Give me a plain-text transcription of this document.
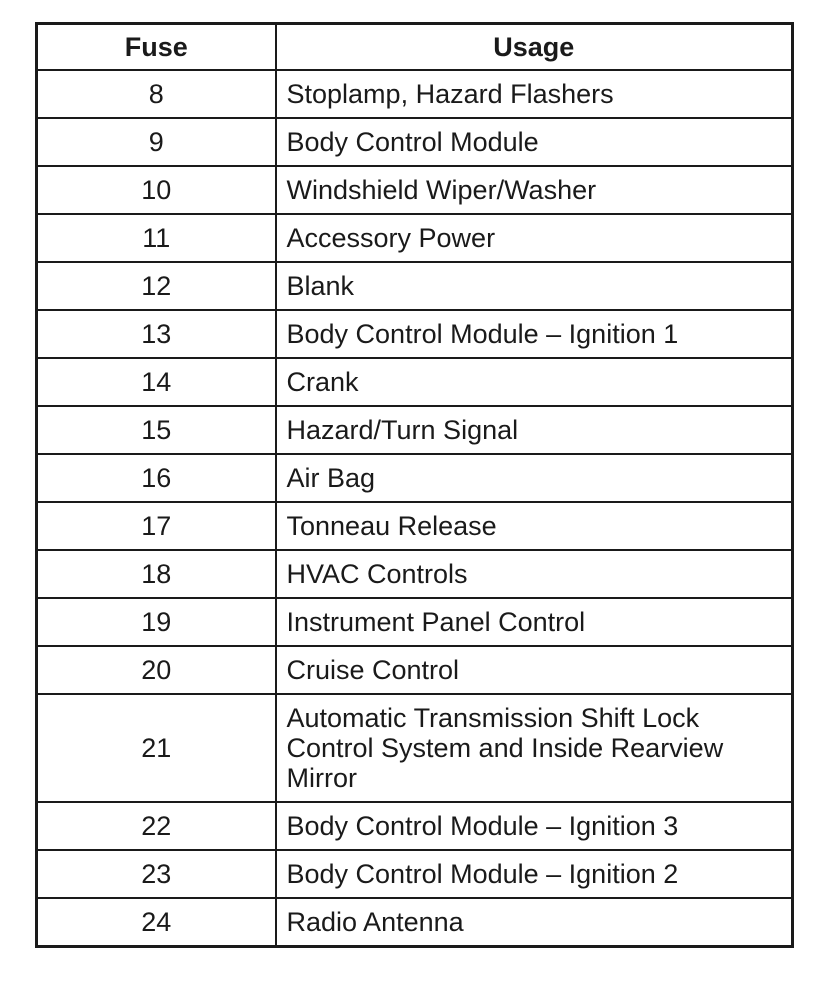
Fuse	Usage
8	Stoplamp, Hazard Flashers
9	Body Control Module
10	Windshield Wiper/Washer
11	Accessory Power
12	Blank
13	Body Control Module – Ignition 1
14	Crank
15	Hazard/Turn Signal
16	Air Bag
17	Tonneau Release
18	HVAC Controls
19	Instrument Panel Control
20	Cruise Control
21	Automatic Transmission Shift Lock Control System and Inside Rearview Mirror
22	Body Control Module – Ignition 3
23	Body Control Module – Ignition 2
24	Radio Antenna
